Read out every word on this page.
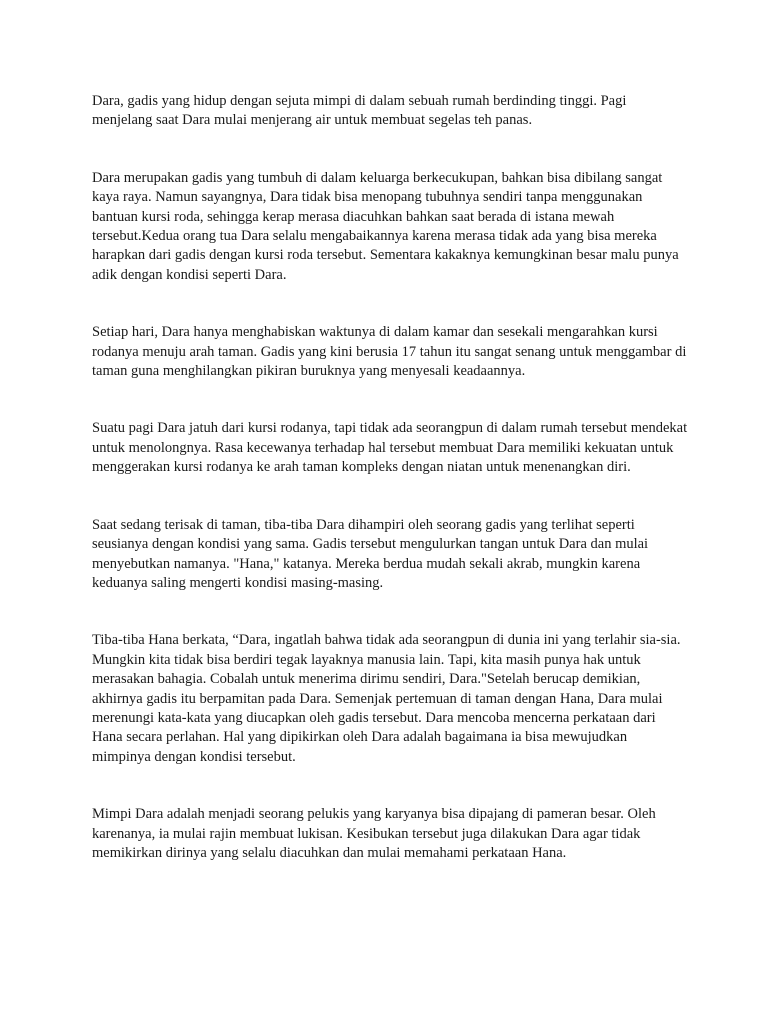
Dara, gadis yang hidup dengan sejuta mimpi di dalam sebuah rumah berdinding tinggi. Pagi menjelang saat Dara mulai menjerang air untuk membuat segelas teh panas.

Dara merupakan gadis yang tumbuh di dalam keluarga berkecukupan, bahkan bisa dibilang sangat kaya raya. Namun sayangnya, Dara tidak bisa menopang tubuhnya sendiri tanpa menggunakan bantuan kursi roda, sehingga kerap merasa diacuhkan bahkan saat berada di istana mewah tersebut.Kedua orang tua Dara selalu mengabaikannya karena merasa tidak ada yang bisa mereka harapkan dari gadis dengan kursi roda tersebut. Sementara kakaknya kemungkinan besar malu punya adik dengan kondisi seperti Dara.

Setiap hari, Dara hanya menghabiskan waktunya di dalam kamar dan sesekali mengarahkan kursi rodanya menuju arah taman. Gadis yang kini berusia 17 tahun itu sangat senang untuk menggambar di taman guna menghilangkan pikiran buruknya yang menyesali keadaannya.

Suatu pagi Dara jatuh dari kursi rodanya, tapi tidak ada seorangpun di dalam rumah tersebut mendekat untuk menolongnya. Rasa kecewanya terhadap hal tersebut membuat Dara memiliki kekuatan untuk menggerakan kursi rodanya ke arah taman kompleks dengan niatan untuk menenangkan diri.

Saat sedang terisak di taman, tiba-tiba Dara dihampiri oleh seorang gadis yang terlihat seperti seusianya dengan kondisi yang sama. Gadis tersebut mengulurkan tangan untuk Dara dan mulai menyebutkan namanya. "Hana," katanya. Mereka berdua mudah sekali akrab, mungkin karena keduanya saling mengerti kondisi masing-masing.

Tiba-tiba Hana berkata, “Dara, ingatlah bahwa tidak ada seorangpun di dunia ini yang terlahir sia-sia. Mungkin kita tidak bisa berdiri tegak layaknya manusia lain. Tapi, kita masih punya hak untuk merasakan bahagia. Cobalah untuk menerima dirimu sendiri, Dara."Setelah berucap demikian, akhirnya gadis itu berpamitan pada Dara. Semenjak pertemuan di taman dengan Hana, Dara mulai merenungi kata-kata yang diucapkan oleh gadis tersebut. Dara mencoba mencerna perkataan dari Hana secara perlahan. Hal yang dipikirkan oleh Dara adalah bagaimana ia bisa mewujudkan mimpinya dengan kondisi tersebut.

Mimpi Dara adalah menjadi seorang pelukis yang karyanya bisa dipajang di pameran besar. Oleh karenanya, ia mulai rajin membuat lukisan. Kesibukan tersebut juga dilakukan Dara agar tidak memikirkan dirinya yang selalu diacuhkan dan mulai memahami perkataan Hana.
